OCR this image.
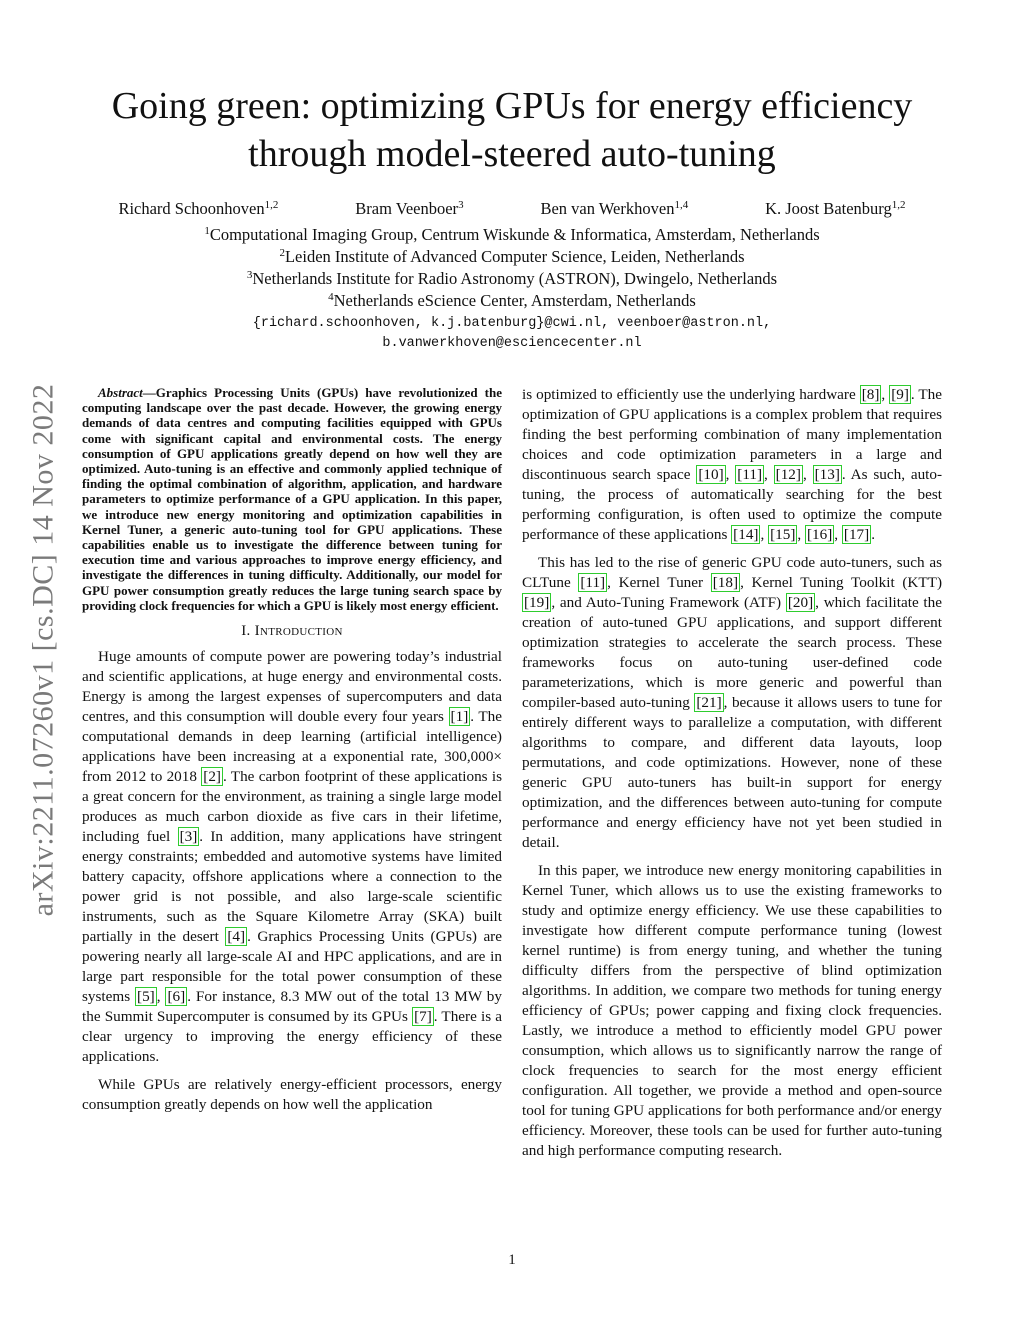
arXiv:2211.07260v1 [cs.DC] 14 Nov 2022
Going green: optimizing GPUs for energy efficiency
through model-steered auto-tuning
Richard Schoonhoven$^{1,2}$	Bram Veenboer$^3$	Ben van Werkhoven$^{1,4}$	K. Joost Batenburg$^{1,2}$
$^1$Computational Imaging Group, Centrum Wiskunde & Informatica, Amsterdam, Netherlands
$^2$Leiden Institute of Advanced Computer Science, Leiden, Netherlands
$^3$Netherlands Institute for Radio Astronomy (ASTRON), Dwingelo, Netherlands
$^4$Netherlands eScience Center, Amsterdam, Netherlands
{richard.schoonhoven, k.j.batenburg}@cwi.nl, veenboer@astron.nl,
b.vanwerkhoven@esciencecenter.nl

Abstract—Graphics Processing Units (GPUs) have revolutionized the computing landscape over the past decade. However, the growing energy demands of data centres and computing facilities equipped with GPUs come with significant capital and environmental costs. The energy consumption of GPU applications greatly depend on how well they are optimized. Auto-tuning is an effective and commonly applied technique of finding the optimal combination of algorithm, application, and hardware parameters to optimize performance of a GPU application. In this paper, we introduce new energy monitoring and optimization capabilities in Kernel Tuner, a generic auto-tuning tool for GPU applications. These capabilities enable us to investigate the difference between tuning for execution time and various approaches to improve energy efficiency, and investigate the differences in tuning difficulty. Additionally, our model for GPU power consumption greatly reduces the large tuning search space by providing clock frequencies for which a GPU is likely most energy efficient.

I. Introduction

Huge amounts of compute power are powering today’s industrial and scientific applications, at huge energy and environmental costs. Energy is among the largest expenses of supercomputers and data centres, and this consumption will double every four years [1] . The computational demands in deep learning (artificial intelligence) applications have been increasing at a exponential rate, 300,000× from 2012 to 2018 [2] . The carbon footprint of these applications is a great concern for the environment, as training a single large model produces as much carbon dioxide as five cars in their lifetime, including fuel [3] . In addition, many applications have stringent energy constraints; embedded and automotive systems have limited battery capacity, offshore applications where a connection to the power grid is not possible, and also large-scale scientific instruments, such as the Square Kilometre Array (SKA) built partially in the desert [4] . Graphics Processing Units (GPUs) are powering nearly all large-scale AI and HPC applications, and are in large part responsible for the total power consumption of these systems [5] , [6] . For instance, 8.3 MW out of the total 13 MW by the Summit Supercomputer is consumed by its GPUs [7] . There is a clear urgency to improving the energy efficiency of these applications.

While GPUs are relatively energy-efficient processors, energy consumption greatly depends on how well the application

is optimized to efficiently use the underlying hardware [8] , [9] . The optimization of GPU applications is a complex problem that requires finding the best performing combination of many implementation choices and code optimization parameters in a large and discontinuous search space [10] , [11] , [12] , [13] . As such, auto-tuning, the process of automatically searching for the best performing configuration, is often used to optimize the compute performance of these applications [14] , [15] , [16] , [17] .

This has led to the rise of generic GPU code auto-tuners, such as CLTune [11] , Kernel Tuner [18] , Kernel Tuning Toolkit (KTT) [19] , and Auto-Tuning Framework (ATF) [20] , which facilitate the creation of auto-tuned GPU applications, and support different optimization strategies to accelerate the search process. These frameworks focus on auto-tuning user-defined code parameterizations, which is more generic and powerful than compiler-based auto-tuning [21] , because it allows users to tune for entirely different ways to parallelize a computation, with different algorithms to compare, and different data layouts, loop permutations, and code optimizations. However, none of these generic GPU auto-tuners has built-in support for energy optimization, and the differences between auto-tuning for compute performance and energy efficiency have not yet been studied in detail.

In this paper, we introduce new energy monitoring capabilities in Kernel Tuner, which allows us to use the existing frameworks to study and optimize energy efficiency. We use these capabilities to investigate how different compute performance tuning (lowest kernel runtime) is from energy tuning, and whether the tuning difficulty differs from the perspective of blind optimization algorithms. In addition, we compare two methods for tuning energy efficiency of GPUs; power capping and fixing clock frequencies. Lastly, we introduce a method to efficiently model GPU power consumption, which allows us to significantly narrow the range of clock frequencies to search for the most energy efficient configuration. All together, we provide a method and open-source tool for tuning GPU applications for both performance and/or energy efficiency. Moreover, these tools can be used for further auto-tuning and high performance computing research.

1
